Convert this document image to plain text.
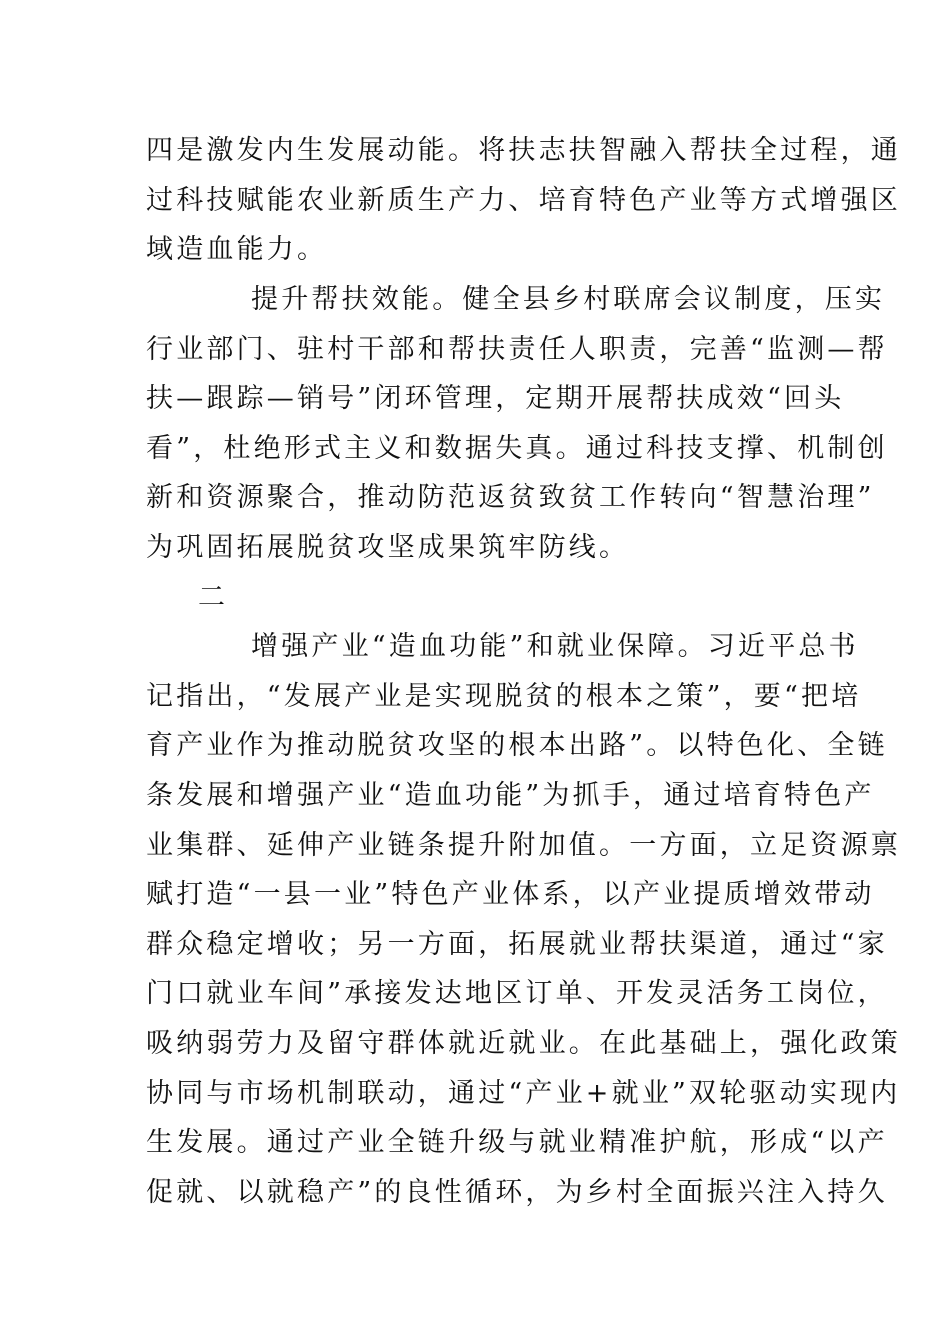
四是激发内生发展动能。将扶志扶智融入帮扶全过程，通
过科技赋能农业新质生产力、培育特色产业等方式增强区
域造血能力。
提升帮扶效能。健全县乡村联席会议制度，压实
行业部门、驻村干部和帮扶责任人职责，完善“监测—帮
扶—跟踪—销号”闭环管理，定期开展帮扶成效“回头
看”，杜绝形式主义和数据失真。通过科技支撑、机制创
新和资源聚合，推动防范返贫致贫工作转向“智慧治理”
为巩固拓展脱贫攻坚成果筑牢防线。
二
增强产业“造血功能”和就业保障。习近平总书
记指出，“发展产业是实现脱贫的根本之策”，要“把培
育产业作为推动脱贫攻坚的根本出路”。以特色化、全链
条发展和增强产业“造血功能”为抓手，通过培育特色产
业集群、延伸产业链条提升附加值。一方面，立足资源禀
赋打造“一县一业”特色产业体系，以产业提质增效带动
群众稳定增收；另一方面，拓展就业帮扶渠道，通过“家
门口就业车间”承接发达地区订单、开发灵活务工岗位，
吸纳弱劳力及留守群体就近就业。在此基础上，强化政策
协同与市场机制联动，通过“产业+就业”双轮驱动实现内
生发展。通过产业全链升级与就业精准护航，形成“以产
促就、以就稳产”的良性循环，为乡村全面振兴注入持久
